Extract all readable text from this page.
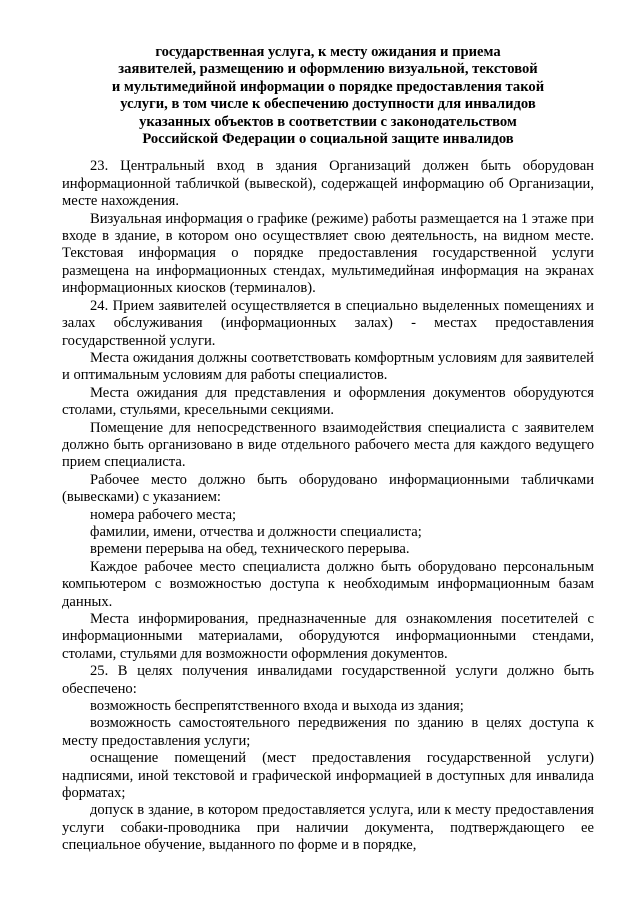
государственная услуга, к месту ожидания и приема
заявителей, размещению и оформлению визуальной, текстовой
и мультимедийной информации о порядке предоставления такой
услуги, в том числе к обеспечению доступности для инвалидов
указанных объектов в соответствии с законодательством
Российской Федерации о социальной защите инвалидов

23. Центральный вход в здания Организаций должен быть оборудован информационной табличкой (вывеской), содержащей информацию об Организации, месте нахождения.

Визуальная информация о графике (режиме) работы размещается на 1 этаже при входе в здание, в котором оно осуществляет свою деятельность, на видном месте. Текстовая информация о порядке предоставления государственной услуги размещена на информационных стендах, мультимедийная информация на экранах информационных киосков (терминалов).

24. Прием заявителей осуществляется в специально выделенных помещениях и залах обслуживания (информационных залах) - местах предоставления государственной услуги.

Места ожидания должны соответствовать комфортным условиям для заявителей и оптимальным условиям для работы специалистов.

Места ожидания для представления и оформления документов оборудуются столами, стульями, кресельными секциями.

Помещение для непосредственного взаимодействия специалиста с заявителем должно быть организовано в виде отдельного рабочего места для каждого ведущего прием специалиста.

Рабочее место должно быть оборудовано информационными табличками (вывесками) с указанием:

номера рабочего места;

фамилии, имени, отчества и должности специалиста;

времени перерыва на обед, технического перерыва.

Каждое рабочее место специалиста должно быть оборудовано персональным компьютером с возможностью доступа к необходимым информационным базам данных.

Места информирования, предназначенные для ознакомления посетителей с информационными материалами, оборудуются информационными стендами, столами, стульями для возможности оформления документов.

25. В целях получения инвалидами государственной услуги должно быть обеспечено:

возможность беспрепятственного входа и выхода из здания;

возможность самостоятельного передвижения по зданию в целях доступа к месту предоставления услуги;

оснащение помещений (мест предоставления государственной услуги) надписями, иной текстовой и графической информацией в доступных для инвалида форматах;

допуск в здание, в котором предоставляется услуга, или к месту предоставления услуги собаки-проводника при наличии документа, подтверждающего ее специальное обучение, выданного по форме и в порядке,
